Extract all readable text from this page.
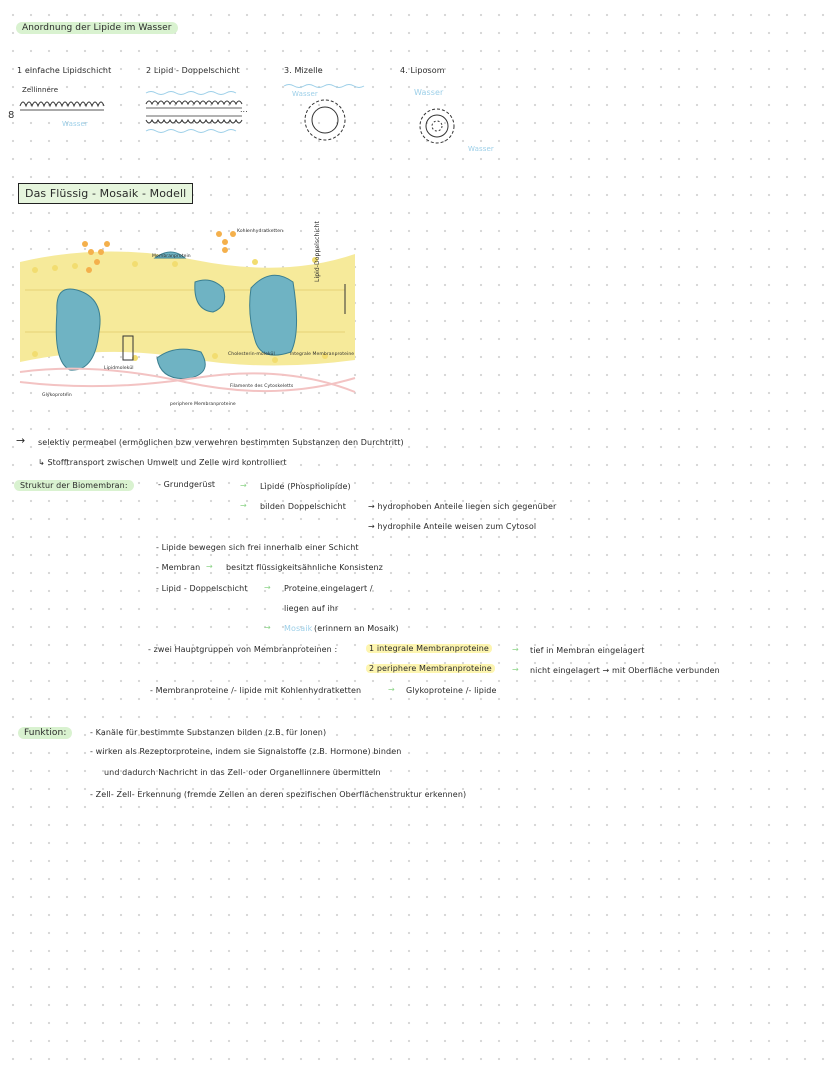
Anordnung der Lipide im Wasser
1 einfache Lipidschicht
Zellinnere
Wasser
2 Lipid - Doppelschicht	3. Mizelle
Wasser
4. Liposom
Wasser
Wasser
8
...
Das Flüssig - Mosaik - Modell
Kohlenhydratketten
Membranprotein	Lipid-Doppelschicht
Lipidmolekül
Cholesterin-molekül	integrale Membranproteine
Glykoprotein
periphere Membranproteine
Filamente des Cytoskeletts
→ selektiv permeabel (ermöglichen bzw verwehren bestimmten Substanzen den Durchtritt)
↳ Stofftransport zwischen Umwelt und Zelle wird kontrolliert
Struktur der Biomembran:	- Grundgerüst	→ Lipide (Phospholipide)
→ bilden Doppelschicht	→ hydrophoben Anteile liegen sich gegenüber
→ hydrophile Anteile weisen zum Cytosol
- Lipide bewegen sich frei innerhalb einer Schicht
- Membran → besitzt flüssigkeitsähnliche Konsistenz
- Lipid - Doppelschicht → Proteine eingelagert /
liegen auf ihr
→ Mosaik (erinnern an Mosaik)
- zwei Hauptgruppen von Membranproteinen :	1 integrale Membranproteine	→ tief in Membran eingelagert
2 periphere Membranproteine	→ nicht eingelagert → mit Oberfläche verbunden
- Membranproteine /- lipide mit Kohlenhydratketten	→ Glykoproteine /- lipide
Funktion:	- Kanäle für bestimmte Substanzen bilden (z.B. für Ionen)
- wirken als Rezeptorproteine, indem sie Signalstoffe (z.B. Hormone) binden
und dadurch Nachricht in das Zell- oder Organellinnere übermitteln
- Zell- Zell- Erkennung (fremde Zellen an deren spezifischen Oberflächenstruktur erkennen)
